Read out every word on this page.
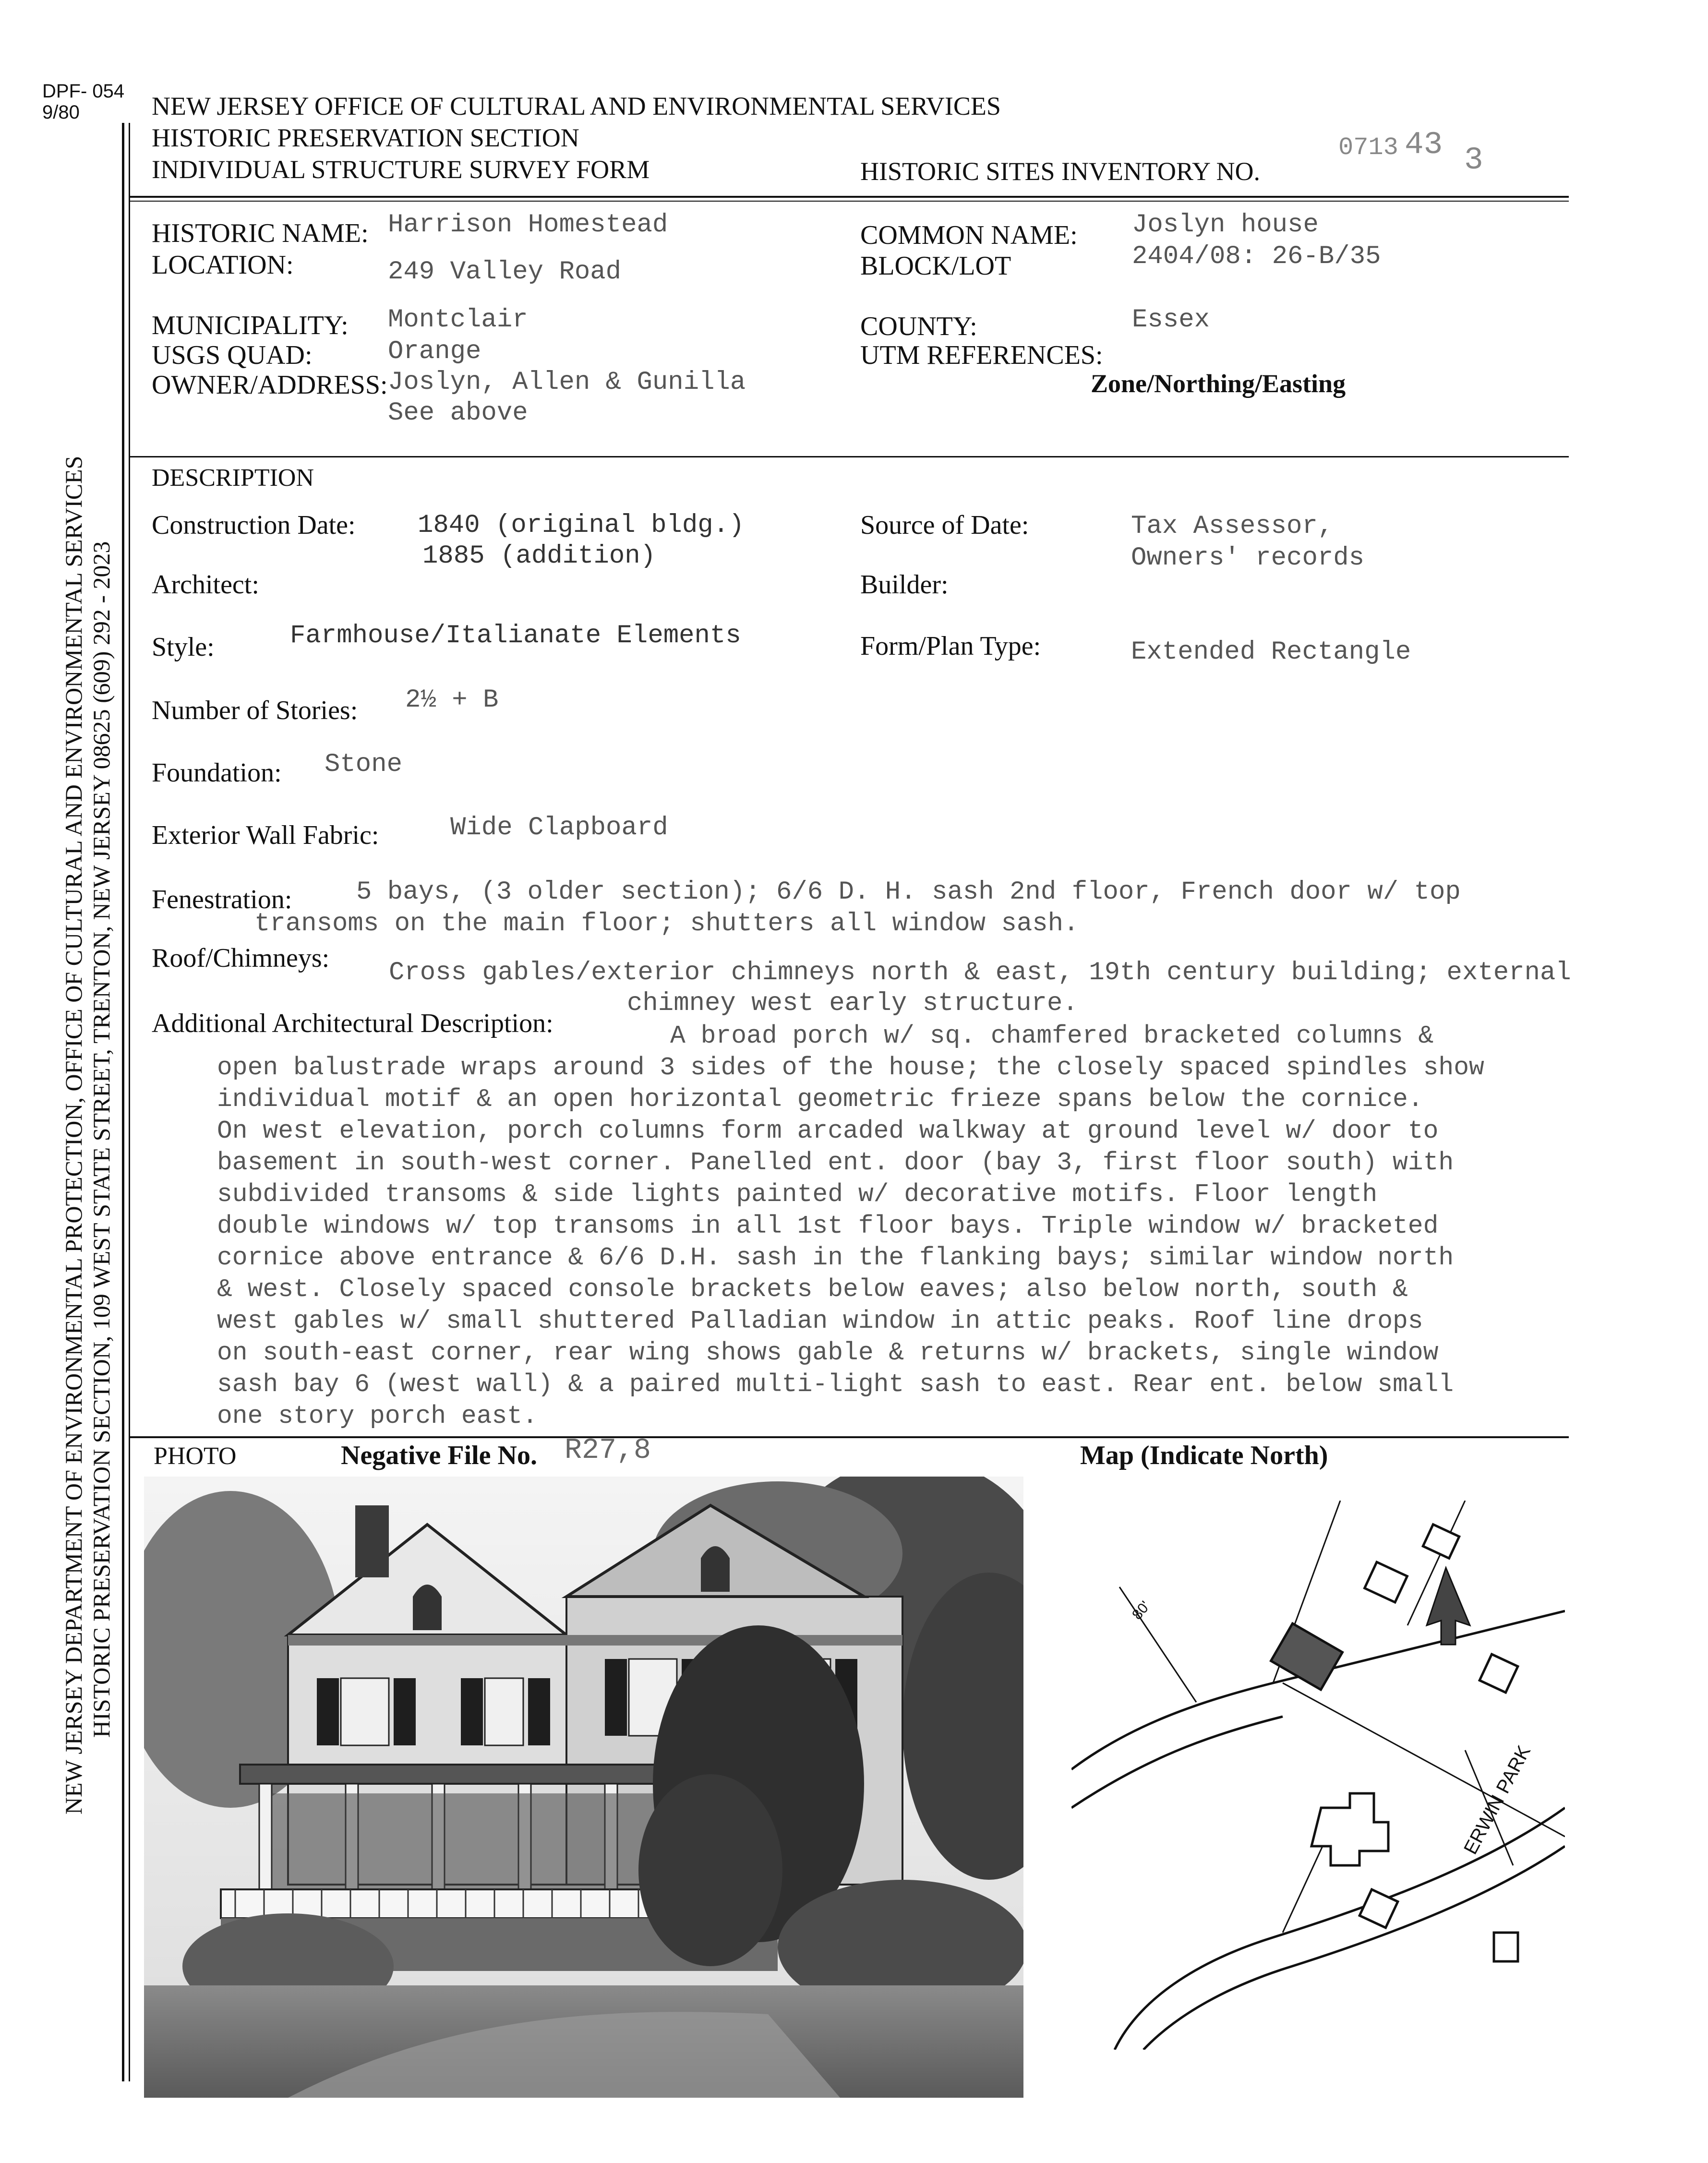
DPF- 054
9/80	NEW JERSEY OFFICE OF CULTURAL AND ENVIRONMENTAL SERVICES
HISTORIC PRESERVATION SECTION
INDIVIDUAL STRUCTURE SURVEY FORM	HISTORIC SITES INVENTORY NO.
0713 43 3
NEW JERSEY DEPARTMENT OF ENVIRONMENTAL PROTECTION, OFFICE OF CULTURAL AND ENVIRONMENTAL SERVICES HISTORIC PRESERVATION SECTION, 109 WEST STATE STREET, TRENTON, NEW JERSEY 08625 (609) 292 - 2023
HISTORIC NAME: Harrison Homestead
LOCATION:	249 Valley Road
COMMON NAME: Joslyn house
BLOCK/LOT	2404/08: 26-B/35
MUNICIPALITY: Montclair
USGS QUAD:	Orange
OWNER/ADDRESS: Joslyn, Allen & Gunilla
See above
COUNTY:	Essex
UTM REFERENCES:
Zone/Northing/Easting
DESCRIPTION
Construction Date: 1840 (original bldg.)
1885 (addition)
Source of Date:	Tax Assessor,
Owners' records
Architect:	Builder:
Style:	Farmhouse/Italianate Elements	Form/Plan Type:	Extended Rectangle
Number of Stories: 2½ + B
Foundation: Stone
Exterior Wall Fabric:	Wide Clapboard
Fenestration: 5 bays, (3 older section); 6/6 D. H. sash 2nd floor, French door w/ top
transoms on the main floor; shutters all window sash.
Roof/Chimneys: Cross gables/exterior chimneys north & east, 19th century building; external
chimney west early structure.
Additional Architectural Description:	A broad porch w/ sq. chamfered bracketed columns &
open balustrade wraps around 3 sides of the house; the closely spaced spindles show
individual motif & an open horizontal geometric frieze spans below the cornice.
On west elevation, porch columns form arcaded walkway at ground level w/ door to
basement in south-west corner. Panelled ent. door (bay 3, first floor south) with
subdivided transoms & side lights painted w/ decorative motifs. Floor length
double windows w/ top transoms in all 1st floor bays. Triple window w/ bracketed
cornice above entrance & 6/6 D.H. sash in the flanking bays; similar window north
& west. Closely spaced console brackets below eaves; also below north, south &
west gables w/ small shuttered Palladian window in attic peaks. Roof line drops
on south-east corner, rear wing shows gable & returns w/ brackets, single window
sash bay 6 (west wall) & a paired multi-light sash to east. Rear ent. below small
one story porch east.
PHOTO	Negative File No. R27,8	Map (Indicate North)
ERWIN PARK
80'
